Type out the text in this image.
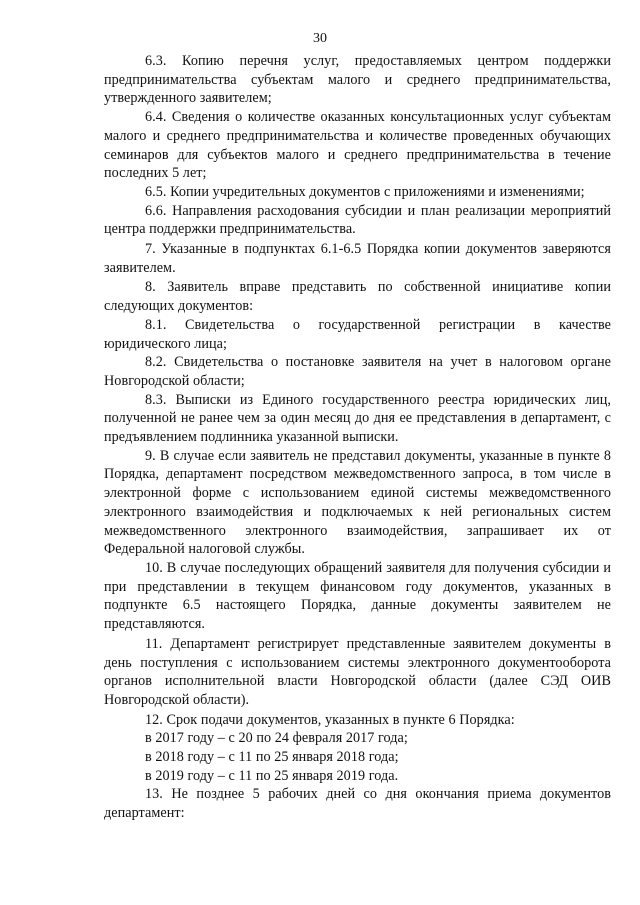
30

6.3. Копию перечня услуг, предоставляемых центром поддержки предпринимательства субъектам малого и среднего предпринимательства, утвержденного заявителем;

6.4. Сведения о количестве оказанных консультационных услуг субъектам малого и среднего предпринимательства и количестве проведенных обучающих семинаров для субъектов малого и среднего предпринимательства в течение последних 5 лет;

6.5. Копии учредительных документов с приложениями и изменениями;

6.6. Направления расходования субсидии и план реализации мероприятий центра поддержки предпринимательства.

7. Указанные в подпунктах 6.1-6.5 Порядка копии документов заверяются заявителем.

8. Заявитель вправе представить по собственной инициативе копии следующих документов:

8.1. Свидетельства о государственной регистрации в качестве юридического лица;

8.2. Свидетельства о постановке заявителя на учет в налоговом органе Новгородской области;

8.3. Выписки из Единого государственного реестра юридических лиц, полученной не ранее чем за один месяц до дня ее представления в департамент, с предъявлением подлинника указанной выписки.

9. В случае если заявитель не представил документы, указанные в пункте 8 Порядка, департамент посредством межведомственного запроса, в том числе в электронной форме с использованием единой системы межведомственного электронного взаимодействия и подключаемых к ней региональных систем межведомственного электронного взаимодействия, запрашивает их от Федеральной налоговой службы.

10. В случае последующих обращений заявителя для получения субсидии и при представлении в текущем финансовом году документов, указанных в подпункте 6.5 настоящего Порядка, данные документы заявителем не представляются.

11. Департамент регистрирует представленные заявителем документы в день поступления с использованием системы электронного документооборота органов исполнительной власти Новгородской области (далее СЭД ОИВ Новгородской области).

12. Срок подачи документов, указанных в пункте 6 Порядка:

в 2017 году – с 20 по 24 февраля 2017 года;

в 2018 году – с 11 по 25 января 2018 года;

в 2019 году – с 11 по 25 января 2019 года.

13. Не позднее 5 рабочих дней со дня окончания приема документов департамент:
